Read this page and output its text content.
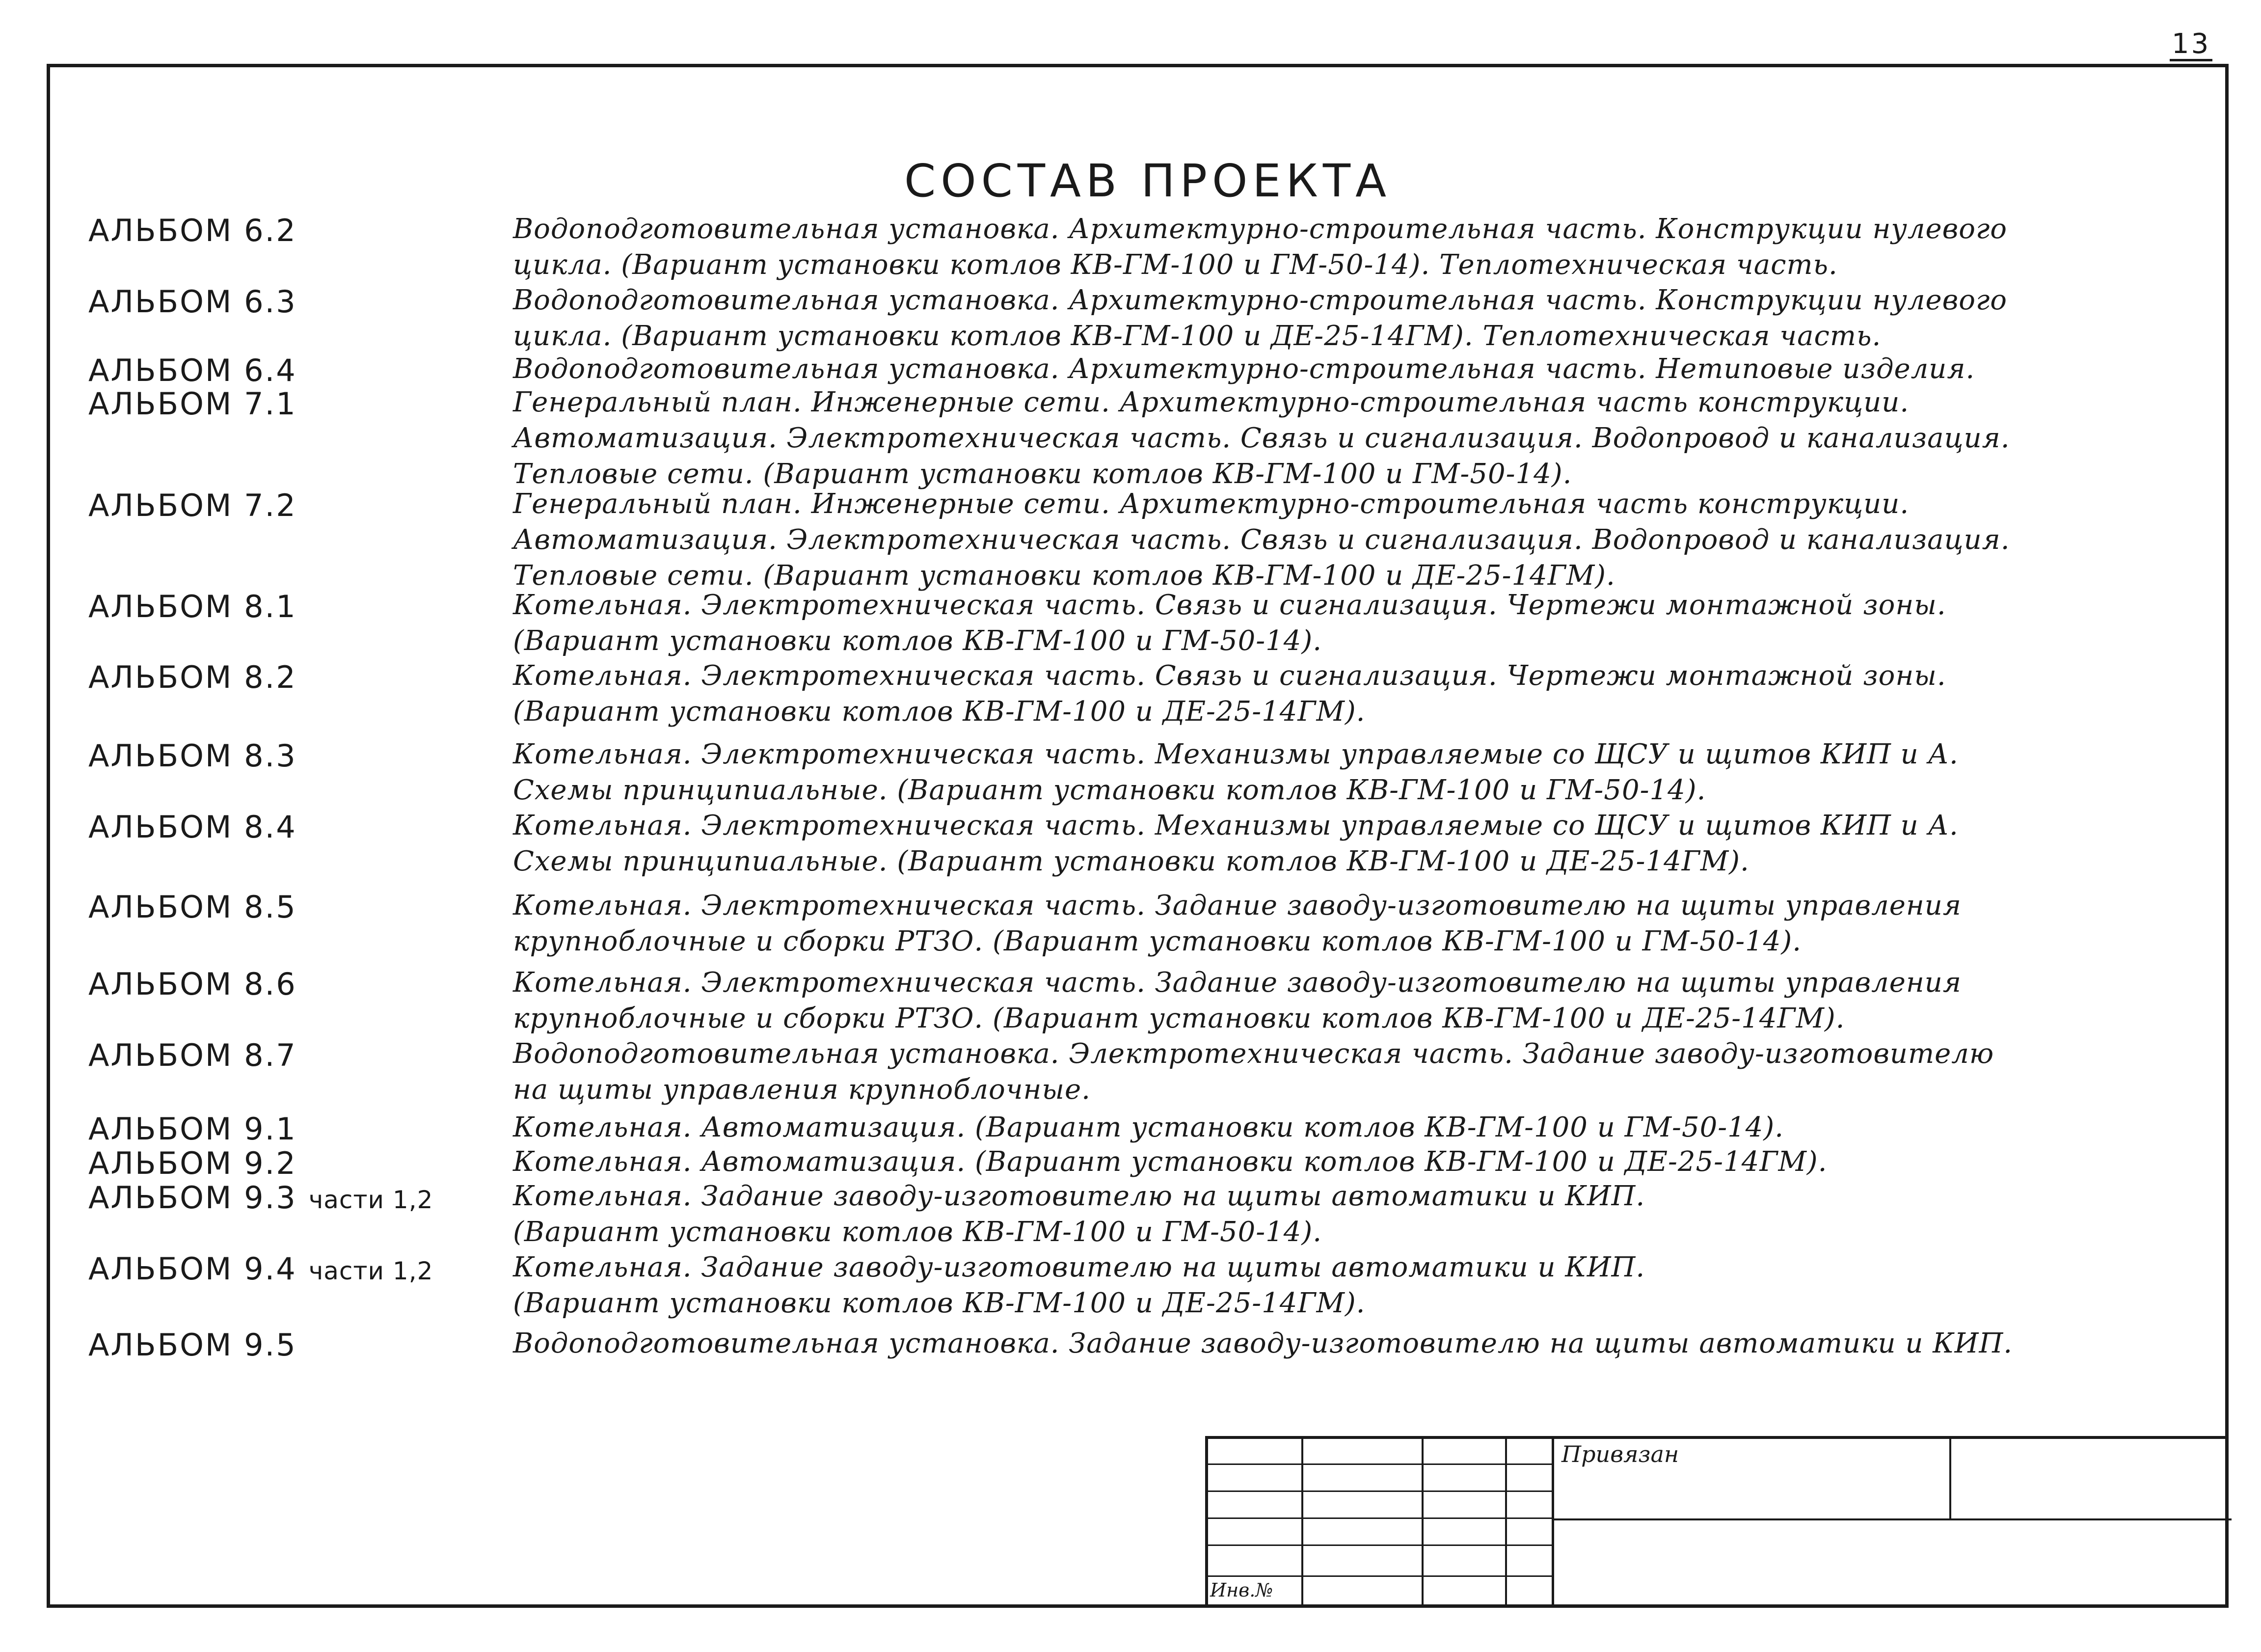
13
СОСТАВ ПРОЕКТА
АЛЬБОМ 6.2	Водоподготовительная установка. Архитектурно-строительная часть. Конструкции нулевого
цикла. (Вариант установки котлов КВ-ГМ-100 и ГМ-50-14). Теплотехническая часть.
АЛЬБОМ 6.3	Водоподготовительная установка. Архитектурно-строительная часть. Конструкции нулевого
цикла. (Вариант установки котлов КВ-ГМ-100 и ДЕ-25-14ГМ). Теплотехническая часть.
АЛЬБОМ 6.4	Водоподготовительная установка. Архитектурно-строительная часть. Нетиповые изделия.
АЛЬБОМ 7.1	Генеральный план. Инженерные сети. Архитектурно-строительная часть конструкции.
Автоматизация. Электротехническая часть. Связь и сигнализация. Водопровод и канализация.
Тепловые сети. (Вариант установки котлов КВ-ГМ-100 и ГМ-50-14).
АЛЬБОМ 7.2	Генеральный план. Инженерные сети. Архитектурно-строительная часть конструкции.
Автоматизация. Электротехническая часть. Связь и сигнализация. Водопровод и канализация.
Тепловые сети. (Вариант установки котлов КВ-ГМ-100 и ДЕ-25-14ГМ).
АЛЬБОМ 8.1	Котельная. Электротехническая часть. Связь и сигнализация. Чертежи монтажной зоны.
(Вариант установки котлов КВ-ГМ-100 и ГМ-50-14).
АЛЬБОМ 8.2	Котельная. Электротехническая часть. Связь и сигнализация. Чертежи монтажной зоны.
(Вариант установки котлов КВ-ГМ-100 и ДЕ-25-14ГМ).
АЛЬБОМ 8.3	Котельная. Электротехническая часть. Механизмы управляемые со ЩСУ и щитов КИП и А.
Схемы принципиальные. (Вариант установки котлов КВ-ГМ-100 и ГМ-50-14).
АЛЬБОМ 8.4	Котельная. Электротехническая часть. Механизмы управляемые со ЩСУ и щитов КИП и А.
Схемы принципиальные. (Вариант установки котлов КВ-ГМ-100 и ДЕ-25-14ГМ).
АЛЬБОМ 8.5	Котельная. Электротехническая часть. Задание заводу-изготовителю на щиты управления
крупноблочные и сборки РТЗО. (Вариант установки котлов КВ-ГМ-100 и ГМ-50-14).
АЛЬБОМ 8.6	Котельная. Электротехническая часть. Задание заводу-изготовителю на щиты управления
крупноблочные и сборки РТЗО. (Вариант установки котлов КВ-ГМ-100 и ДЕ-25-14ГМ).
АЛЬБОМ 8.7	Водоподготовительная установка. Электротехническая часть. Задание заводу-изготовителю
на щиты управления крупноблочные.
АЛЬБОМ 9.1	Котельная. Автоматизация. (Вариант установки котлов КВ-ГМ-100 и ГМ-50-14).
АЛЬБОМ 9.2	Котельная. Автоматизация. (Вариант установки котлов КВ-ГМ-100 и ДЕ-25-14ГМ).
АЛЬБОМ 9.3 части 1,2	Котельная. Задание заводу-изготовителю на щиты автоматики и КИП.
(Вариант установки котлов КВ-ГМ-100 и ГМ-50-14).
АЛЬБОМ 9.4 части 1,2	Котельная. Задание заводу-изготовителю на щиты автоматики и КИП.
(Вариант установки котлов КВ-ГМ-100 и ДЕ-25-14ГМ).
АЛЬБОМ 9.5	Водоподготовительная установка. Задание заводу-изготовителю на щиты автоматики и КИП.
Привязан
Инв.№
